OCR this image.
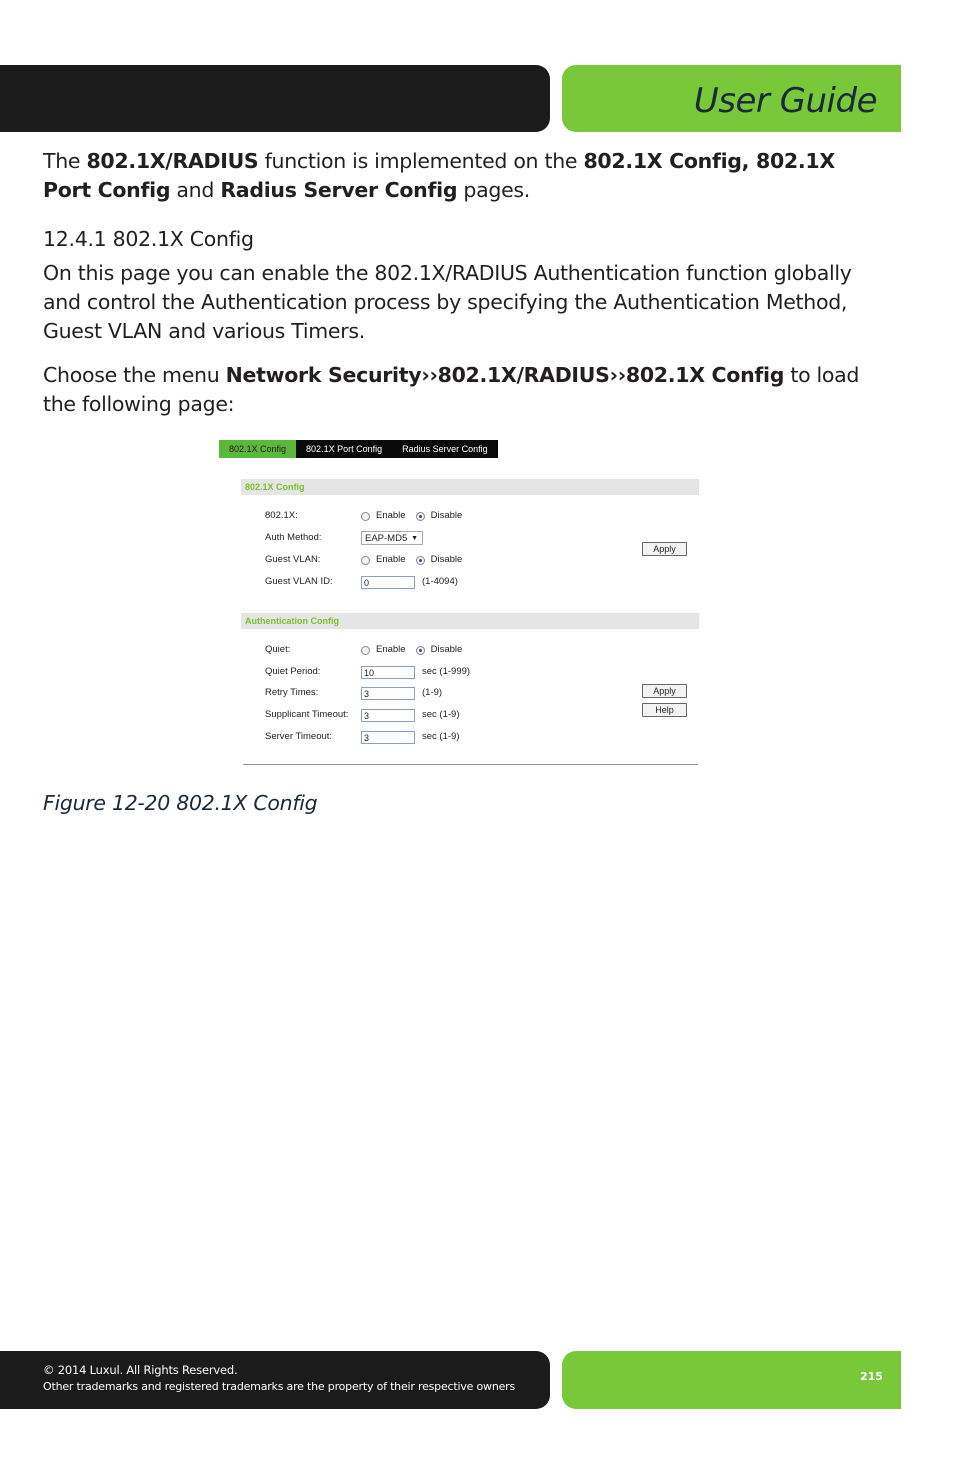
User Guide
The 802.1X/RADIUS function is implemented on the 802.1X Config, 802.1X Port Config and Radius Server Config pages.
12.4.1 802.1X Config
On this page you can enable the 802.1X/RADIUS Authentication function globally and control the Authentication process by specifying the Authentication Method, Guest VLAN and various Timers.
Choose the menu Network Security››802.1X/RADIUS››802.1X Config to load the following page:
802.1X Config	802.1X Port Config	Radius Server Config
802.1X Config
802.1X:	Enable	Disable
Auth Method:	EAP-MD5 ▼
Guest VLAN:	Enable	Disable
Guest VLAN ID:	0	(1-4094)
Apply
Authentication Config
Quiet:	Enable	Disable
Quiet Period:	10	sec (1-999)
Retry Times:	3	(1-9)
Supplicant Timeout:	3	sec (1-9)
Server Timeout:	3	sec (1-9)
Apply
Help
Figure 12-20 802.1X Config
© 2014 Luxul. All Rights Reserved.
Other trademarks and registered trademarks are the property of their respective owners
215
